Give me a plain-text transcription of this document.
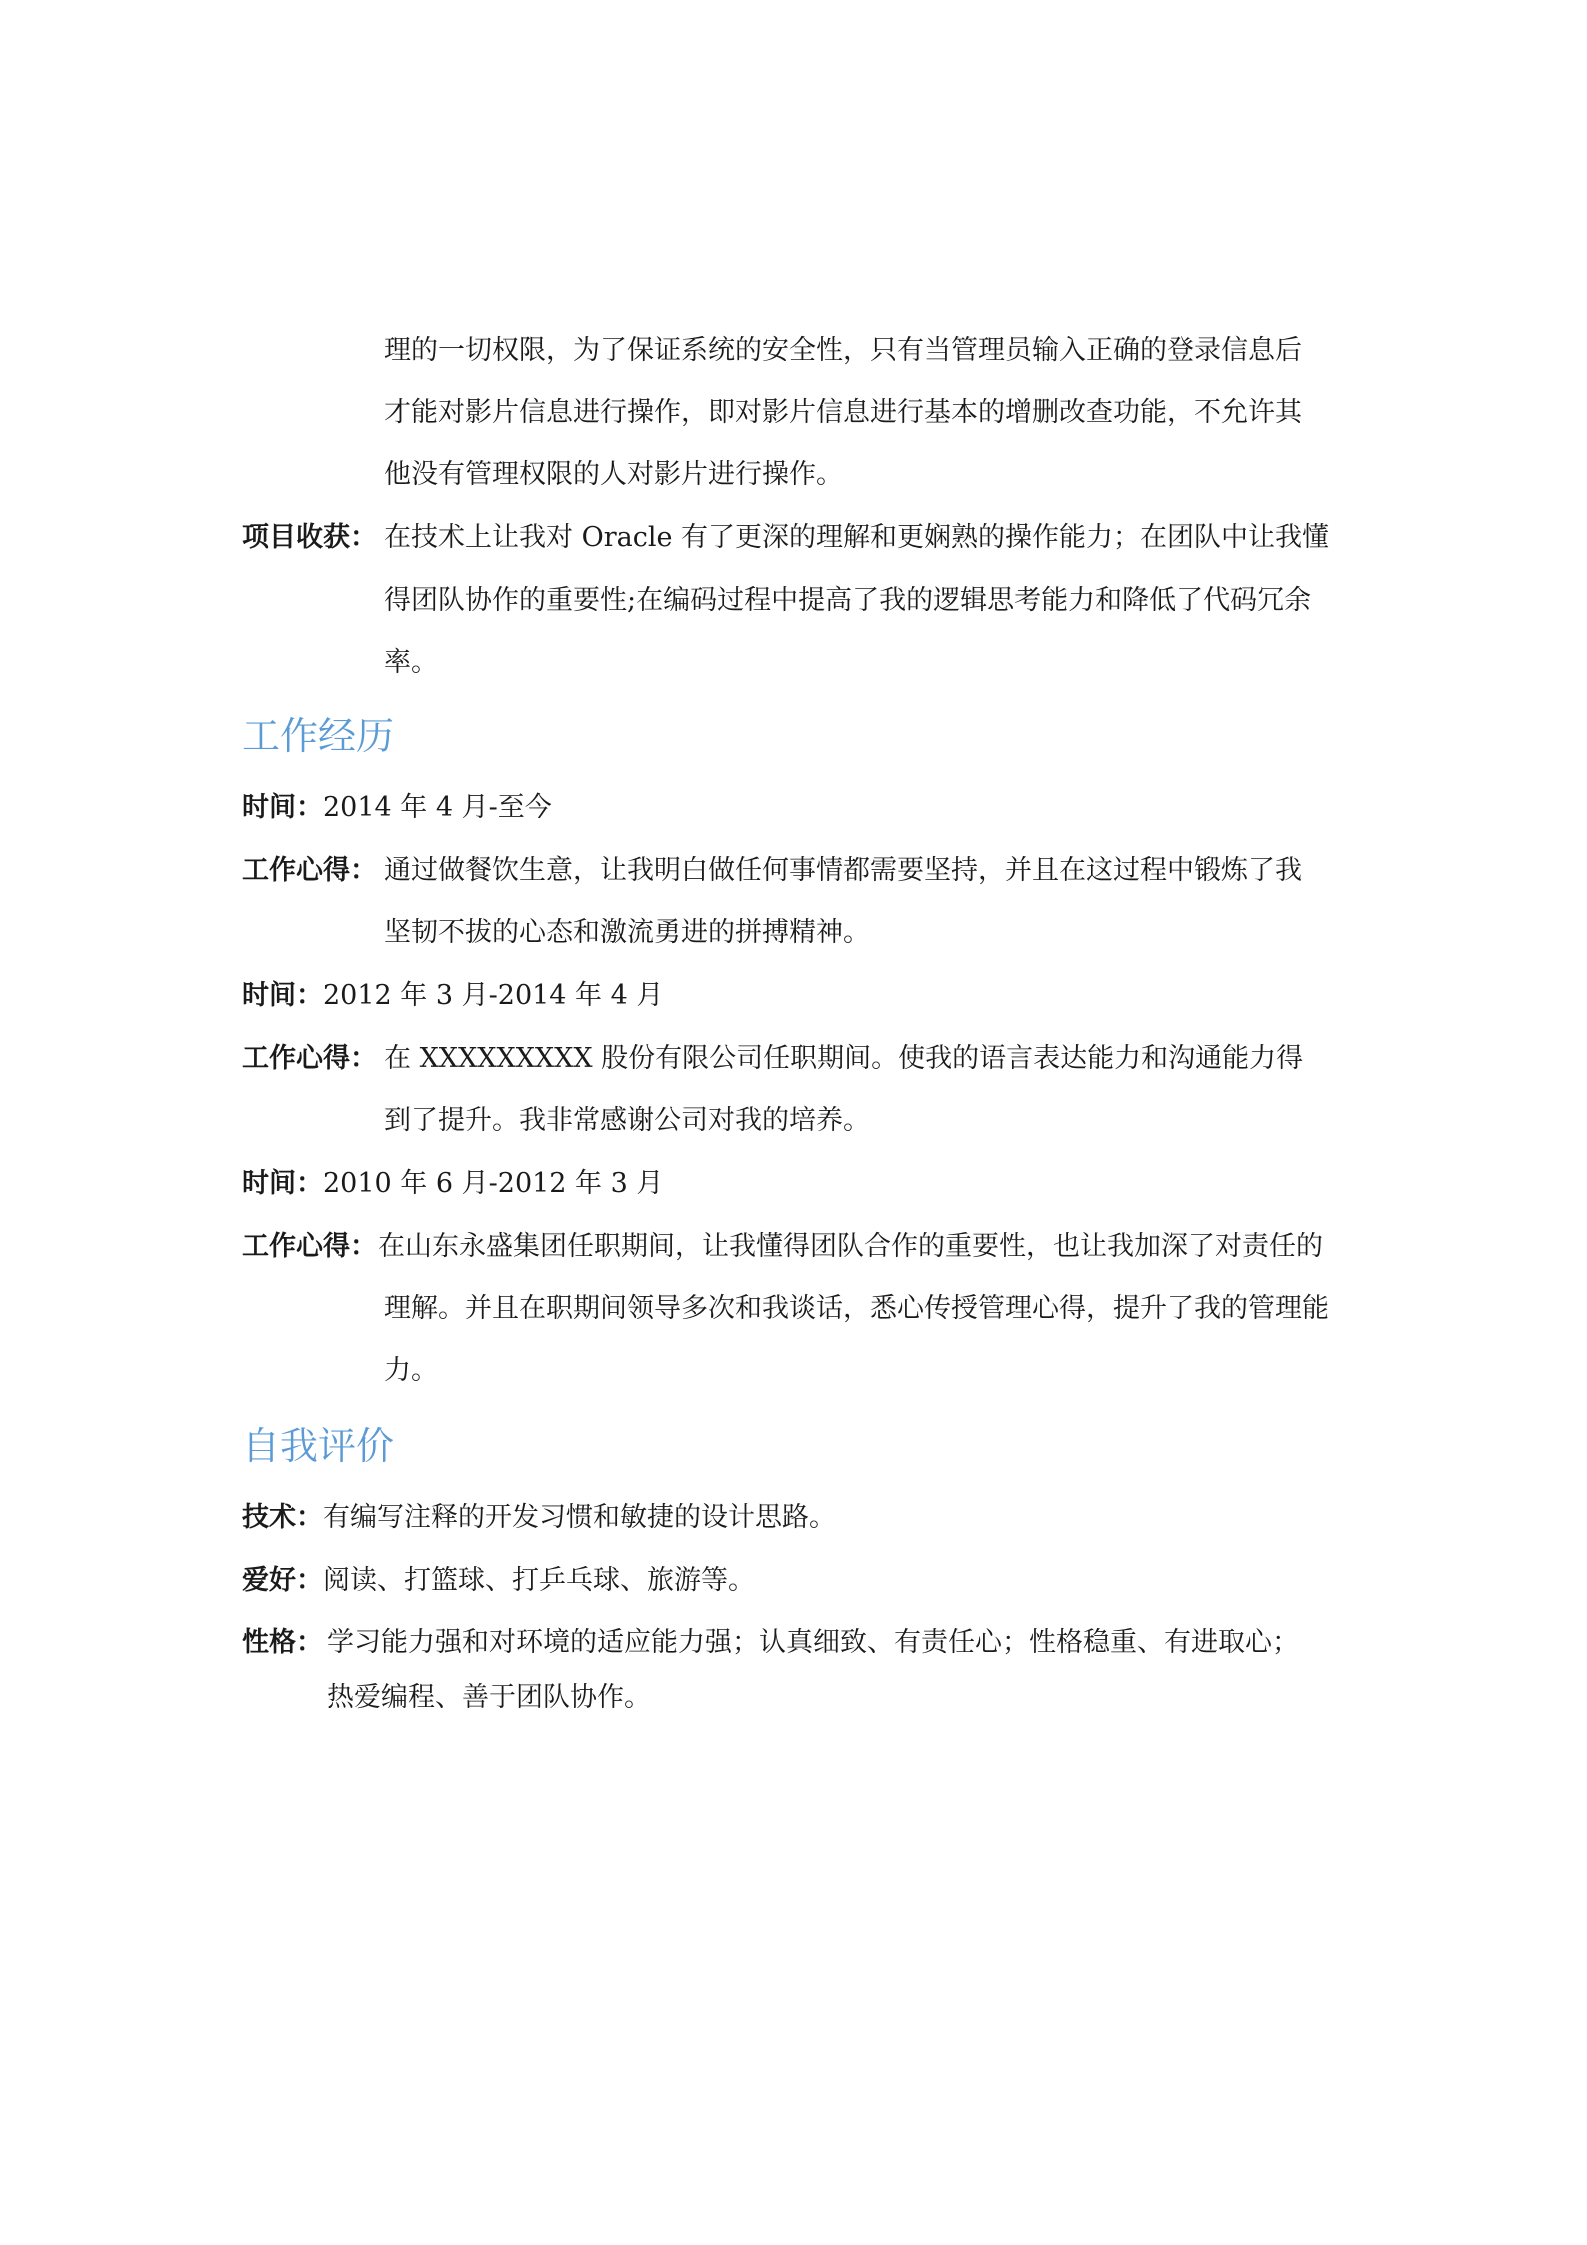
理的一切权限，为了保证系统的安全性，只有当管理员输入正确的登录信息后
才能对影片信息进行操作，即对影片信息进行基本的增删改查功能，不允许其
他没有管理权限的人对影片进行操作。
项目收获： 在技术上让我对 Oracle 有了更深的理解和更娴熟的操作能力；在团队中让我懂
得团队协作的重要性;在编码过程中提高了我的逻辑思考能力和降低了代码冗余
率。
工作经历
时间：2014 年 4 月-至今
工作心得： 通过做餐饮生意，让我明白做任何事情都需要坚持，并且在这过程中锻炼了我
坚韧不拔的心态和激流勇进的拼搏精神。
时间：2012 年 3 月-2014 年 4 月
工作心得： 在 XXXXXXXXX 股份有限公司任职期间。使我的语言表达能力和沟通能力得
到了提升。我非常感谢公司对我的培养。
时间：2010 年 6 月-2012 年 3 月
工作心得： 在山东永盛集团任职期间，让我懂得团队合作的重要性，也让我加深了对责任的
理解。并且在职期间领导多次和我谈话，悉心传授管理心得，提升了我的管理能
力。
自我评价
技术：有编写注释的开发习惯和敏捷的设计思路。
爱好：阅读、打篮球、打乒乓球、旅游等。
性格： 学习能力强和对环境的适应能力强；认真细致、有责任心；性格稳重、有进取心；
热爱编程、善于团队协作。
